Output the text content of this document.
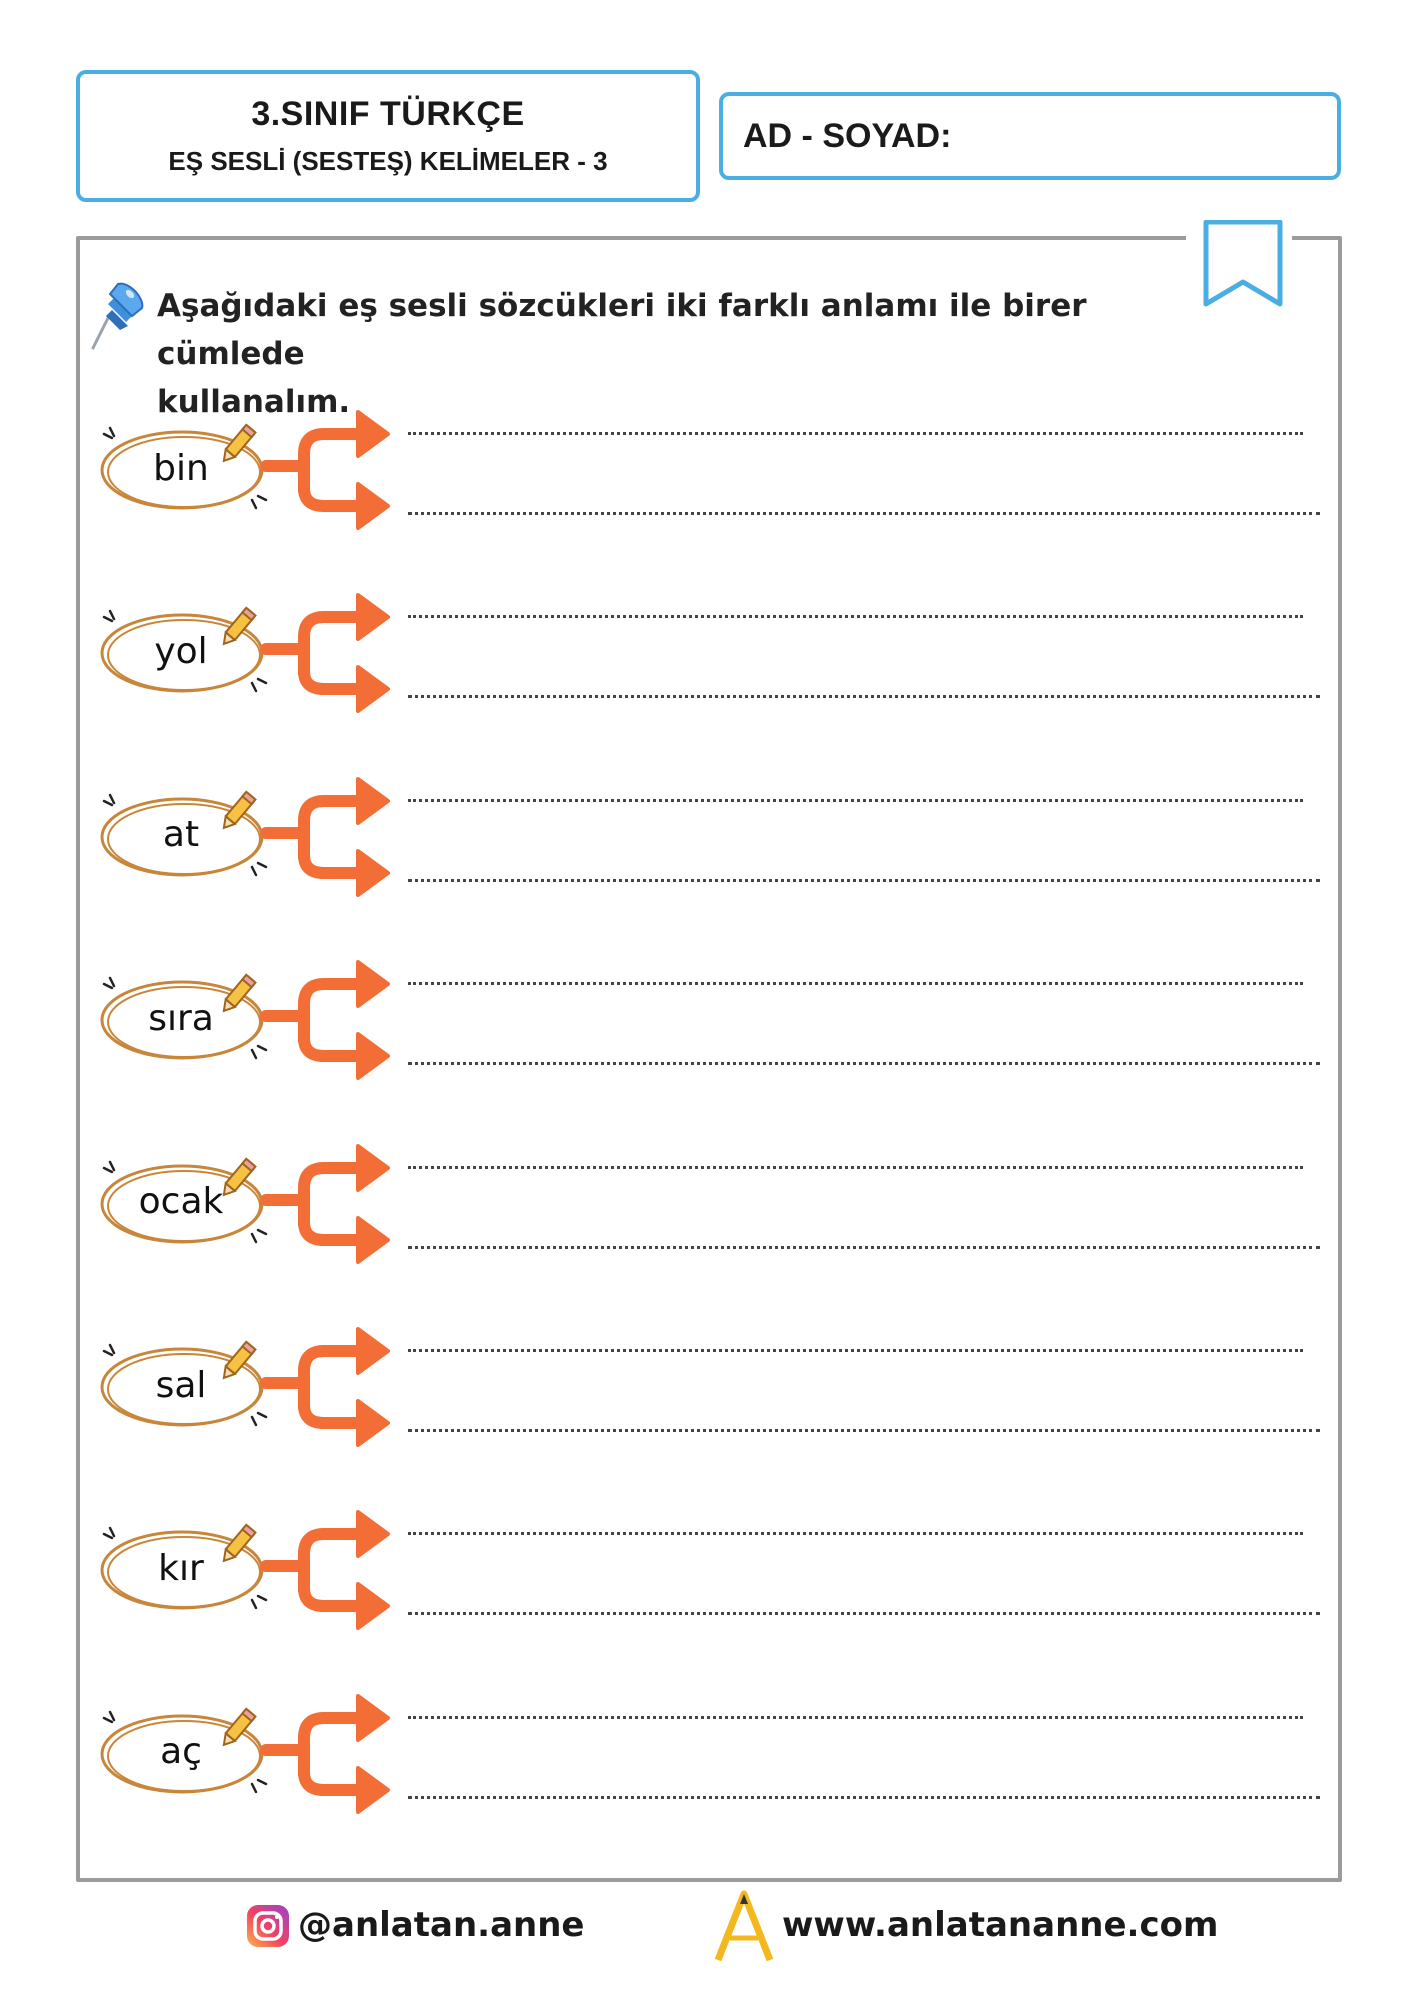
3.SINIF TÜRKÇE
EŞ SESLİ (SESTEŞ) KELİMELER - 3
AD - SOYAD:
Aşağıdaki eş sesli sözcükleri iki farklı anlamı ile birer cümlede
kullanalım.
bin
yol
at
sıra
ocak
sal
kır
aç
@anlatan.anne	www.anlatananne.com
